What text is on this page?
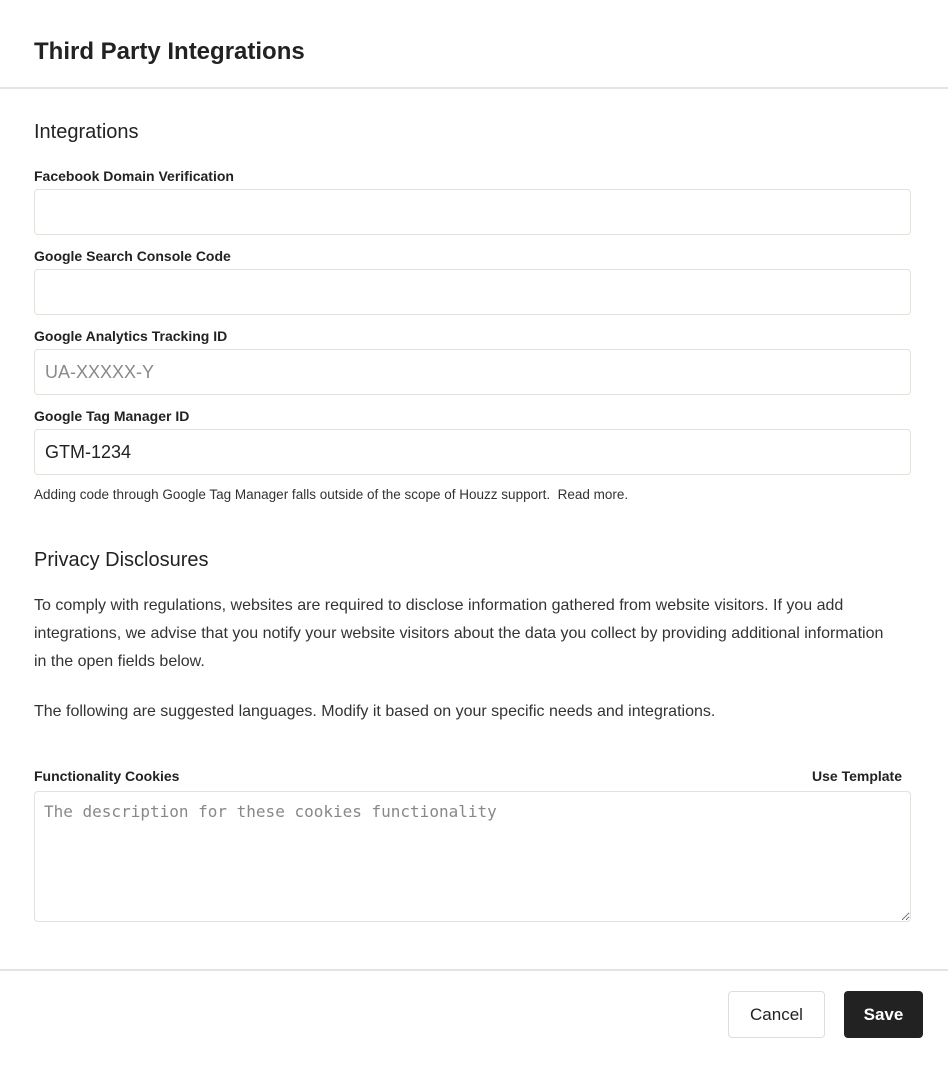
Third Party Integrations
Integrations
Facebook Domain Verification
Google Search Console Code
Google Analytics Tracking ID
UA-XXXXX-Y
Google Tag Manager ID
GTM-1234
Adding code through Google Tag Manager falls outside of the scope of Houzz support. Read more.
Privacy Disclosures
To comply with regulations, websites are required to disclose information gathered from website visitors. If you add integrations, we advise that you notify your website visitors about the data you collect by providing additional information in the open fields below.
The following are suggested languages. Modify it based on your specific needs and integrations.
Functionality Cookies	Use Template
The description for these cookies functionality
Cancel	Save
